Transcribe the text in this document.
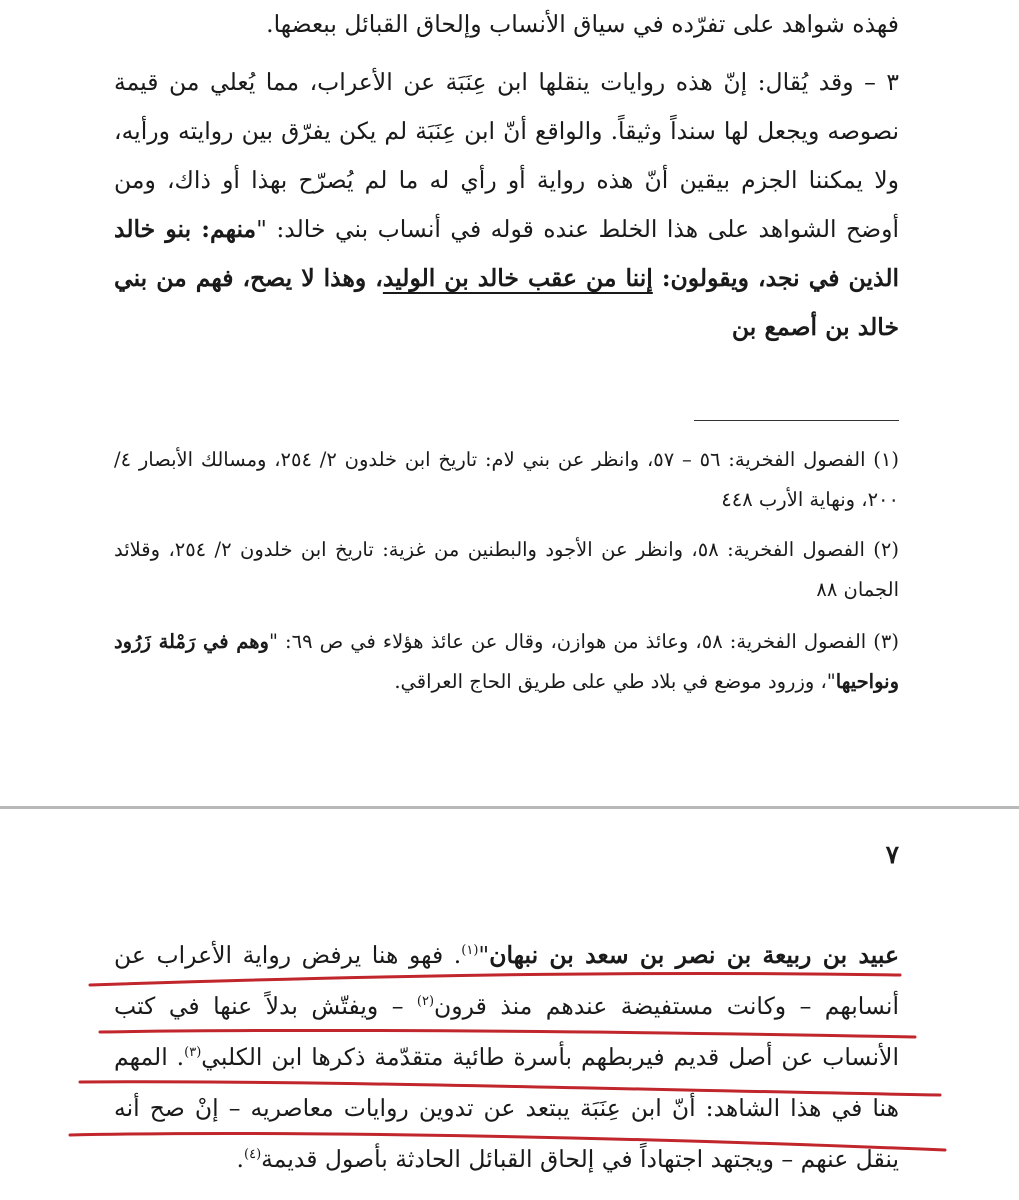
فهذه شواهد على تفرّده في سياق الأنساب وإلحاق القبائل ببعضها.
٣ – وقد يُقال: إنّ هذه روايات ينقلها ابن عِنَبَة عن الأعراب، مما يُعلي من قيمة نصوصه ويجعل لها سنداً وثيقاً. والواقع أنّ ابن عِنَبَة لم يكن يفرّق بين روايته ورأيه، ولا يمكننا الجزم بيقين أنّ هذه رواية أو رأي له ما لم يُصرّح بهذا أو ذاك، ومن أوضح الشواهد على هذا الخلط عنده قوله في أنساب بني خالد: "منهم: بنو خالد الذين في نجد، ويقولون: إننا من عقب خالد بن الوليد، وهذا لا يصح، فهم من بني خالد بن أصمع بن
(١) الفصول الفخرية: ٥٦ – ٥٧، وانظر عن بني لام: تاريخ ابن خلدون ٢/ ٢٥٤، ومسالك الأبصار ٤/ ٢٠٠، ونهاية الأرب ٤٤٨
(٢) الفصول الفخرية: ٥٨، وانظر عن الأجود والبطنين من غزية: تاريخ ابن خلدون ٢/ ٢٥٤، وقلائد الجمان ٨٨
(٣) الفصول الفخرية: ٥٨، وعائذ من هوازن، وقال عن عائذ هؤلاء في ص ٦٩: "وهم في رَمْلة زَرُود ونواحيها"، وزرود موضع في بلاد طي على طريق الحاج العراقي.
٧
عبيد بن ربيعة بن نصر بن سعد بن نبهان"$^{(١)}$. فهو هنا يرفض رواية الأعراب عن أنسابهم – وكانت مستفيضة عندهم منذ قرون$^{(٢)}$ – ويفتّش بدلاً عنها في كتب الأنساب عن أصل قديم فيربطهم بأسرة طائية متقدّمة ذكرها ابن الكلبي$^{(٣)}$. المهم هنا في هذا الشاهد: أنّ ابن عِنَبَة يبتعد عن تدوين روايات معاصريه – إنْ صح أنه ينقل عنهم – ويجتهد اجتهاداً في إلحاق القبائل الحادثة بأصول قديمة$^{(٤)}$.
